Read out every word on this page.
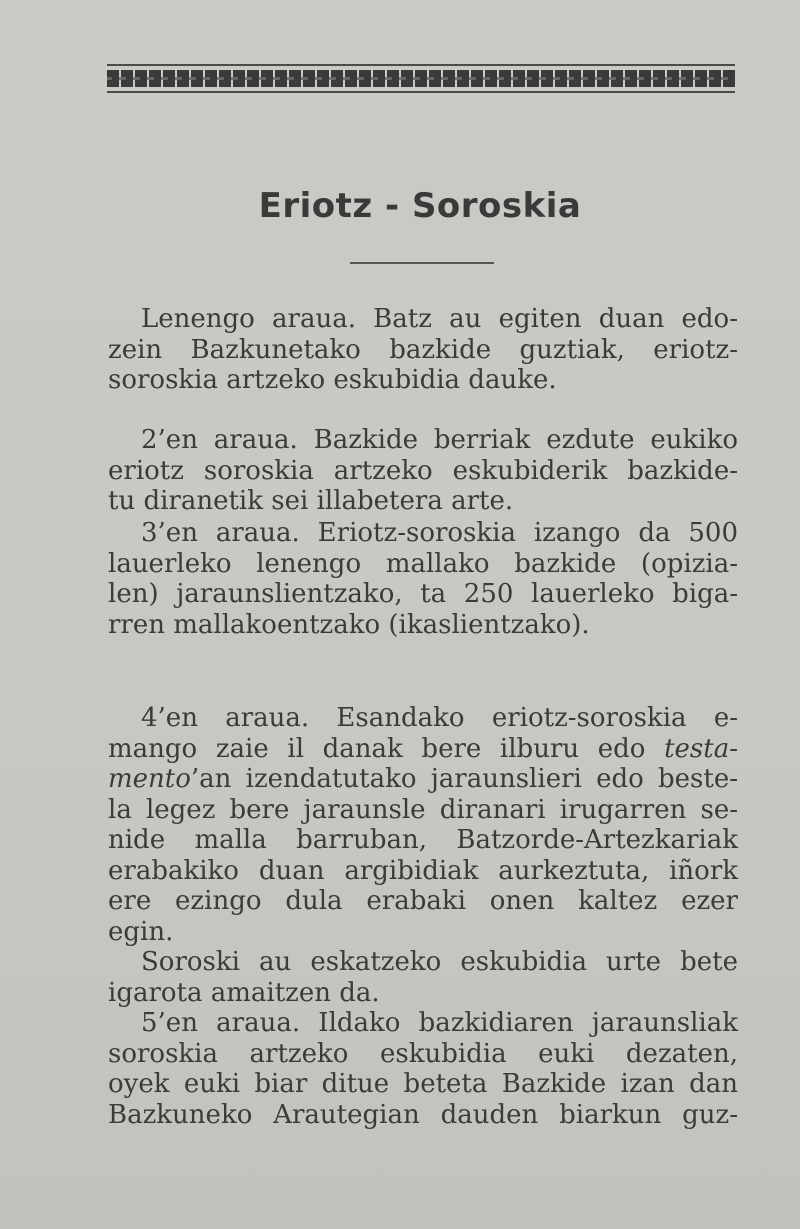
Eriotz - Soroskia

Lenengo araua. Batz au egiten duan edo-
zein Bazkunetako bazkide guztiak, eriotz-
soroskia artzeko eskubidia dauke.

2’en araua. Bazkide berriak ezdute eukiko
eriotz soroskia artzeko eskubiderik bazkide-
tu diranetik sei illabetera arte.

3’en araua. Eriotz-soroskia izango da 500
lauerleko lenengo mallako bazkide (opizia-
len) jaraunslientzako, ta 250 lauerleko biga-
rren mallakoentzako (ikaslientzako).

4’en araua. Esandako eriotz-soroskia e-
mango zaie il danak bere ilburu edo testa-
mento’an izendatutako jaraunslieri edo beste-
la legez bere jaraunsle diranari irugarren se-
nide malla barruban, Batzorde-Artezkariak
erabakiko duan argibidiak aurkeztuta, iñork
ere ezingo dula erabaki onen kaltez ezer
egin.

Soroski au eskatzeko eskubidia urte bete
igarota amaitzen da.

5’en araua. Ildako bazkidiaren jaraunsliak
soroskia artzeko eskubidia euki dezaten,
oyek euki biar ditue beteta Bazkide izan dan
Bazkuneko Arautegian dauden biarkun guz-
